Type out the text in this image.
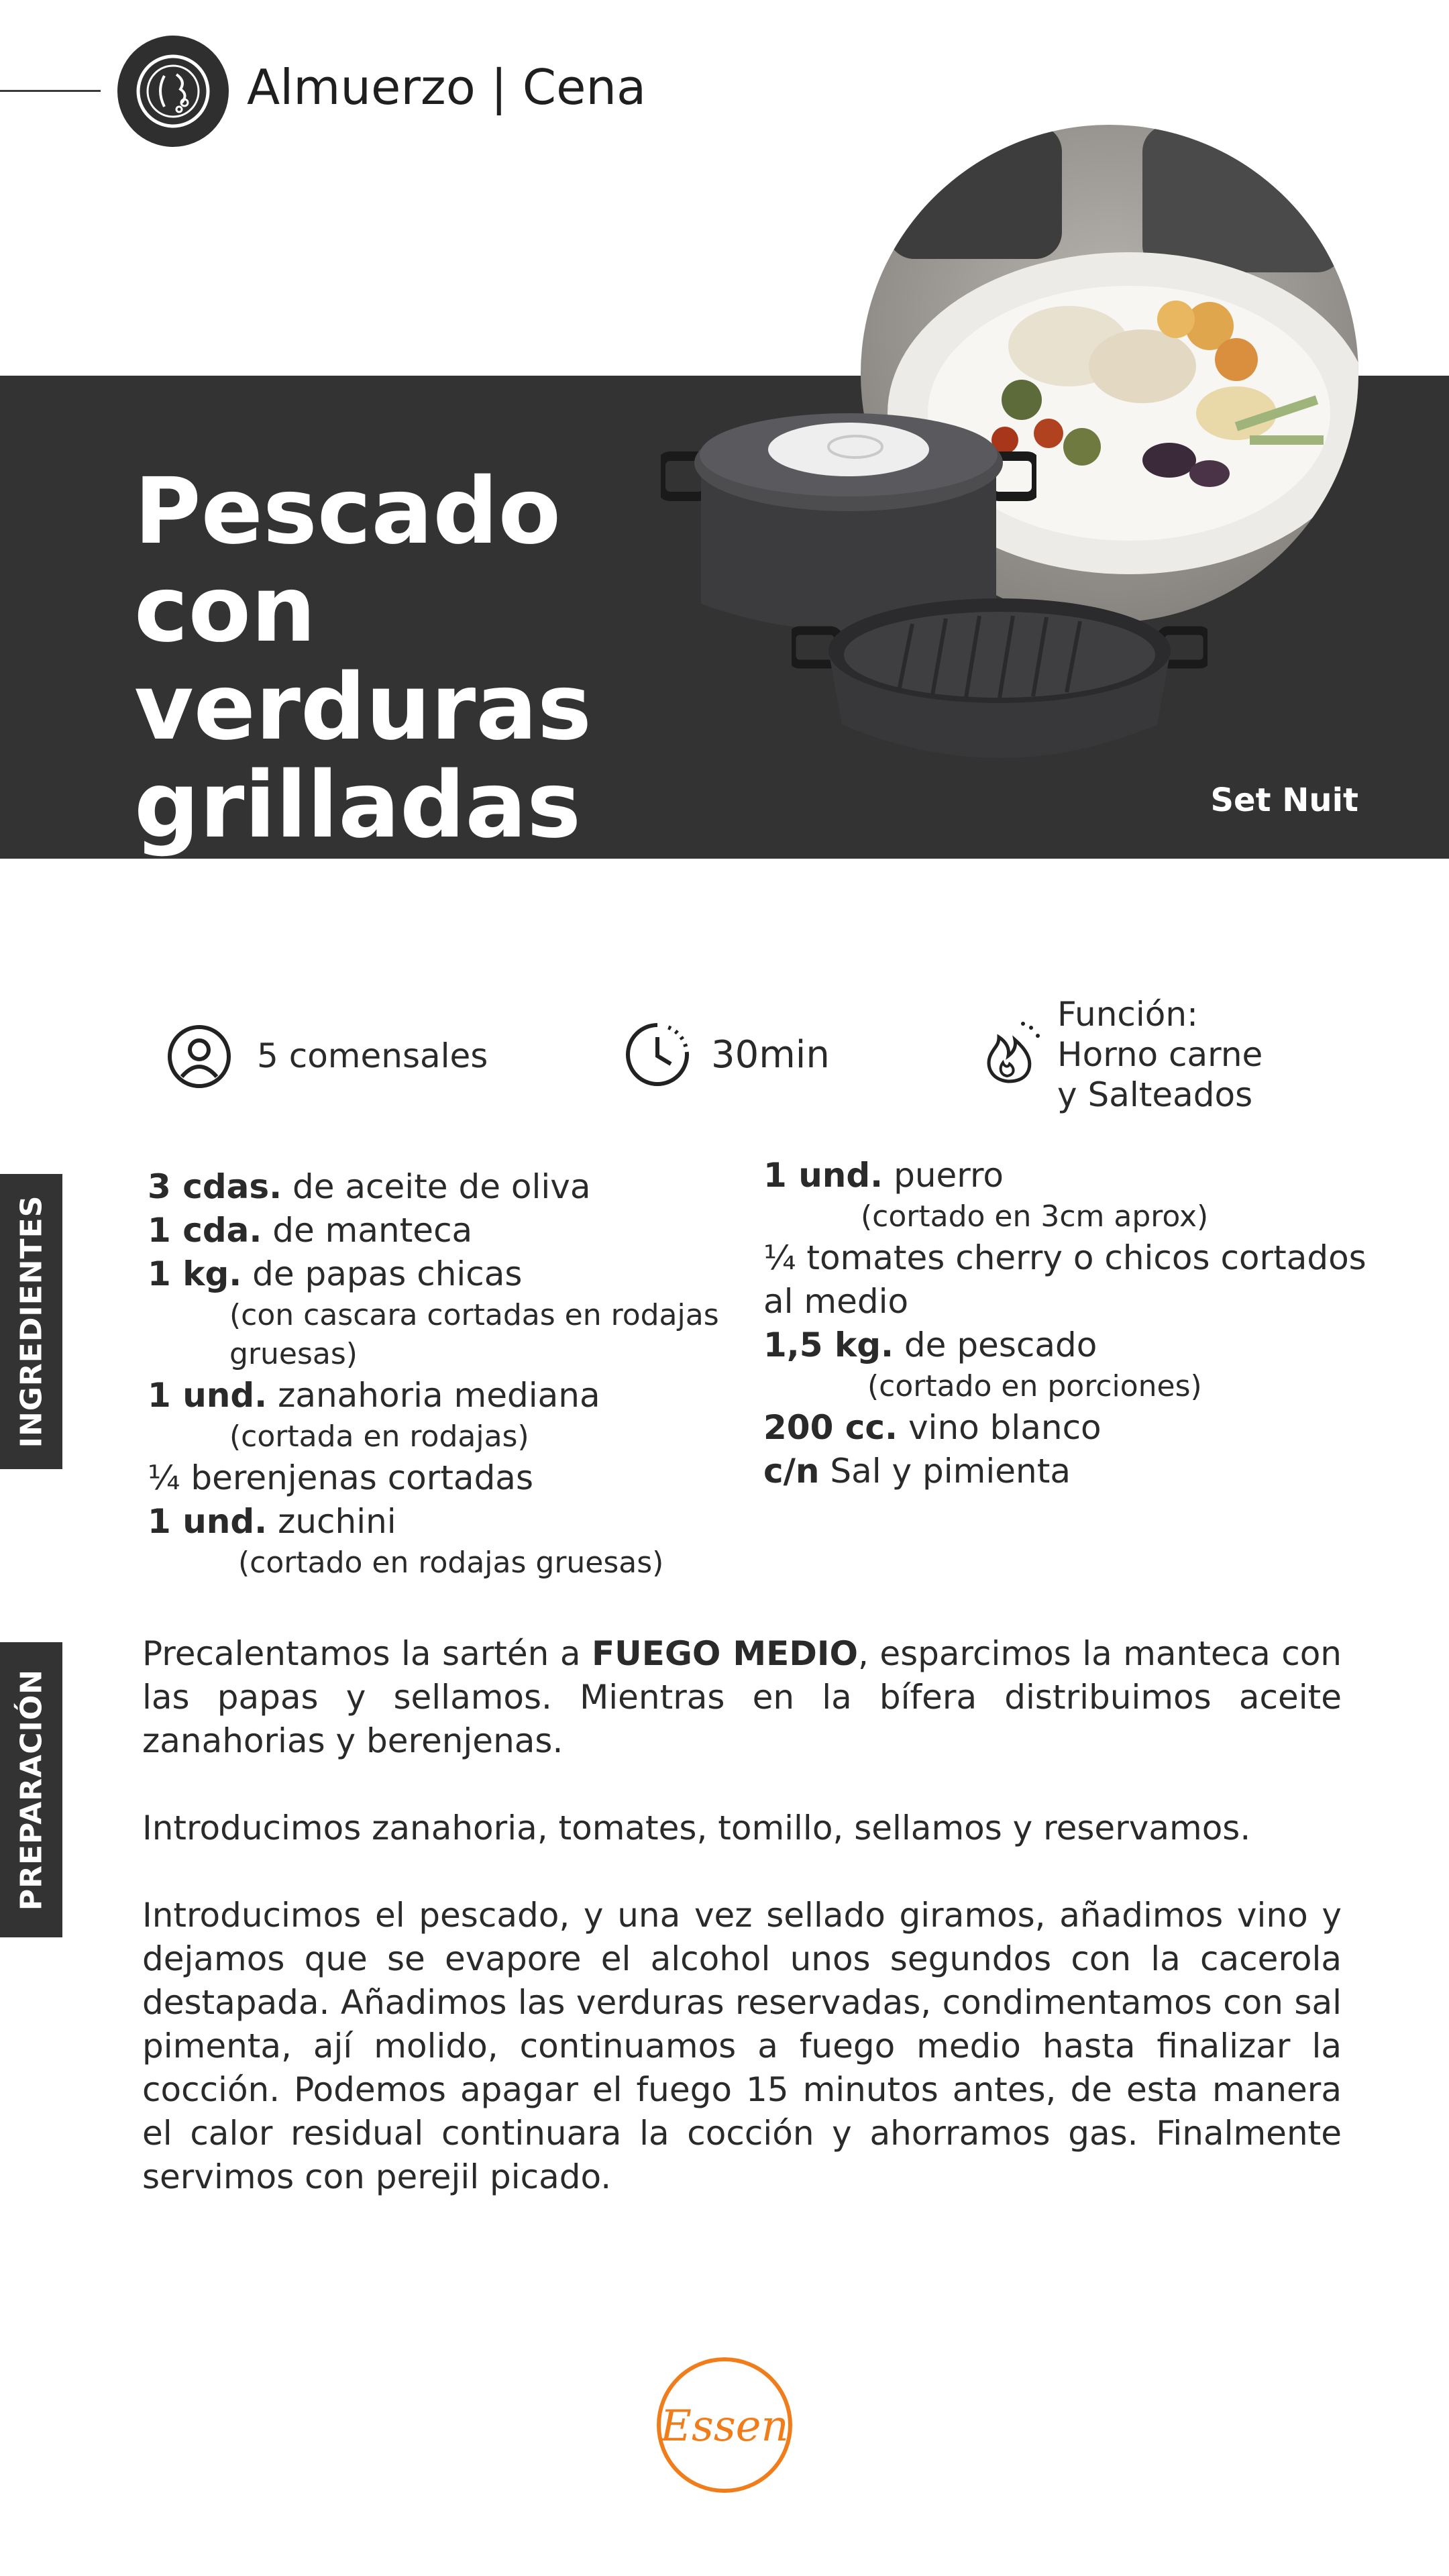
Almuerzo | Cena
Pescado
con verduras
grilladas	Set Nuit
5 comensales	30min
Función:
Horno carne
y Salteados
INGREDIENTES
PREPARACIÓN
3 cdas. de aceite de oliva
1 cda. de manteca
1 kg. de papas chicas
(con cascara cortadas en rodajas
gruesas)
1 und. zanahoria mediana
(cortada en rodajas)
¼ berenjenas cortadas
1 und. zuchini
(cortado en rodajas gruesas)
1 und. puerro
(cortado en 3cm aprox)
¼ tomates cherry o chicos cortados
al medio
1,5 kg. de pescado
(cortado en porciones)
200 cc. vino blanco
c/n Sal y pimienta

Precalentamos la sartén a FUEGO MEDIO, esparcimos la manteca con las papas y sellamos. Mientras en la bífera distribuimos aceite zanahorias y berenjenas.

Introducimos zanahoria, tomates, tomillo, sellamos y reservamos.

Introducimos el pescado, y una vez sellado giramos, añadimos vino y dejamos que se evapore el alcohol unos segundos con la cacerola destapada. Añadimos las verduras reservadas, condimentamos con sal pimenta, ají molido, continuamos a fuego medio hasta finalizar la cocción. Podemos apagar el fuego 15 minutos antes, de esta manera el calor residual continuara la cocción y ahorramos gas. Finalmente servimos con perejil picado.

Essen
